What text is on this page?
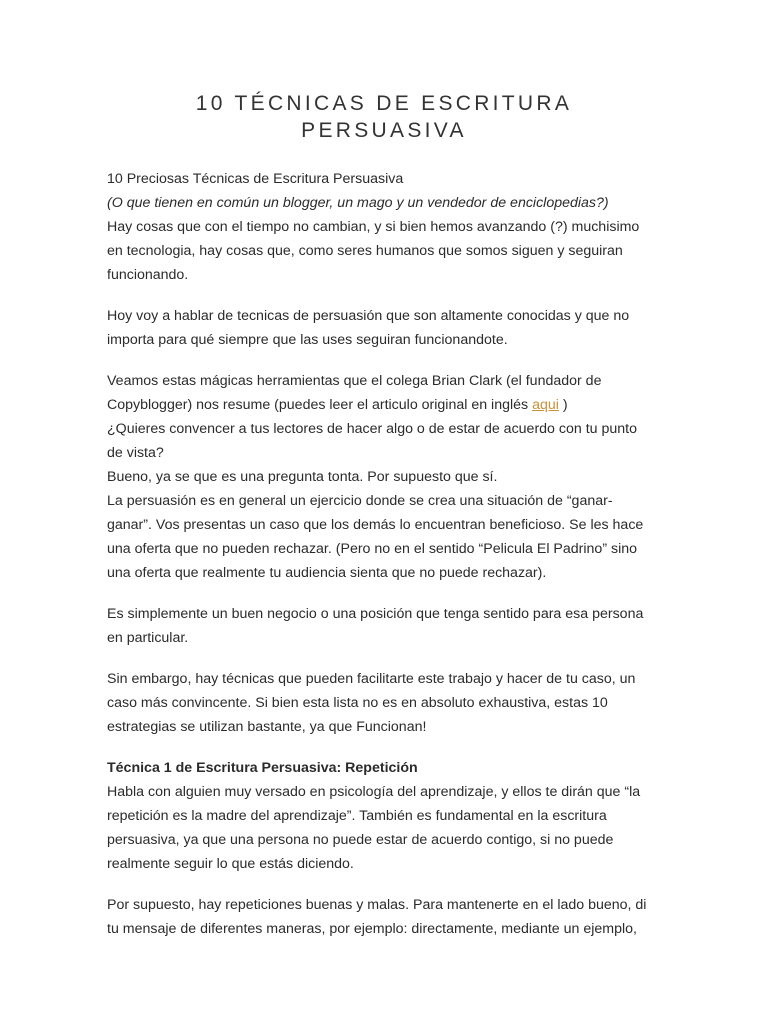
10 TÉCNICAS DE ESCRITURA
PERSUASIVA
10 Preciosas Técnicas de Escritura Persuasiva
(O que tienen en común un blogger, un mago y un vendedor de enciclopedias?)
Hay cosas que con el tiempo no cambian, y si bien hemos avanzando (?) muchisimo
en tecnologia, hay cosas que, como seres humanos que somos siguen y seguiran
funcionando.
Hoy voy a hablar de tecnicas de persuasión que son altamente conocidas y que no
importa para qué siempre que las uses seguiran funcionandote.
Veamos estas mágicas herramientas que el colega Brian Clark (el fundador de
Copyblogger) nos resume (puedes leer el articulo original en inglés aqui )
¿Quieres convencer a tus lectores de hacer algo o de estar de acuerdo con tu punto
de vista?
Bueno, ya se que es una pregunta tonta. Por supuesto que sí.
La persuasión es en general un ejercicio donde se crea una situación de “ganar-
ganar”. Vos presentas un caso que los demás lo encuentran beneficioso. Se les hace
una oferta que no pueden rechazar. (Pero no en el sentido “Pelicula El Padrino” sino
una oferta que realmente tu audiencia sienta que no puede rechazar).
Es simplemente un buen negocio o una posición que tenga sentido para esa persona
en particular.
Sin embargo, hay técnicas que pueden facilitarte este trabajo y hacer de tu caso, un
caso más convincente. Si bien esta lista no es en absoluto exhaustiva, estas 10
estrategias se utilizan bastante, ya que Funcionan!
Técnica 1 de Escritura Persuasiva: Repetición
Habla con alguien muy versado en psicología del aprendizaje, y ellos te dirán que “la
repetición es la madre del aprendizaje”. También es fundamental en la escritura
persuasiva, ya que una persona no puede estar de acuerdo contigo, si no puede
realmente seguir lo que estás diciendo.
Por supuesto, hay repeticiones buenas y malas. Para mantenerte en el lado bueno, di
tu mensaje de diferentes maneras, por ejemplo: directamente, mediante un ejemplo,
